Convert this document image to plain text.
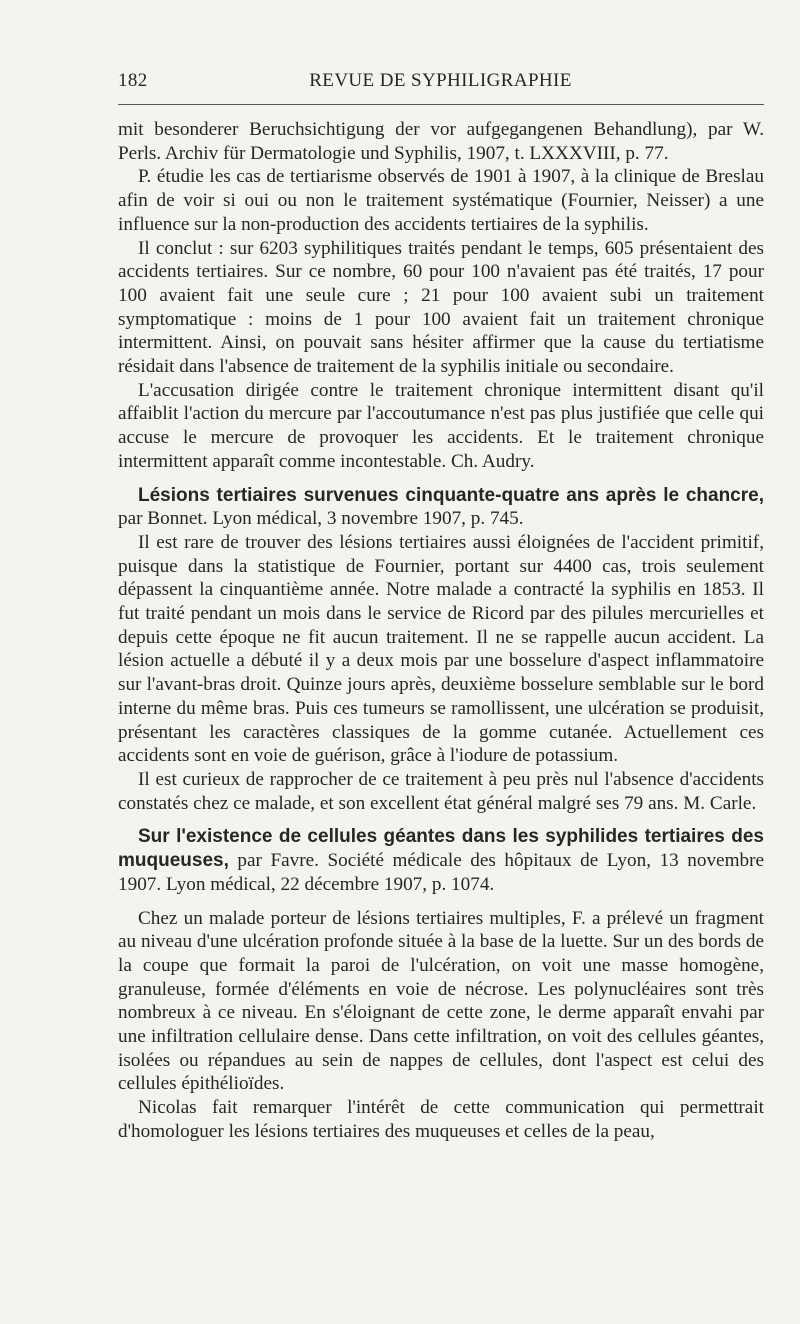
182	REVUE DE SYPHILIGRAPHIE

mit besonderer Beruchsichtigung der vor aufgegangenen Behandlung), par W. Perls. Archiv für Dermatologie und Syphilis, 1907, t. LXXXVIII, p. 77.

P. étudie les cas de tertiarisme observés de 1901 à 1907, à la clinique de Breslau afin de voir si oui ou non le traitement systématique (Fournier, Neisser) a une influence sur la non-production des accidents tertiaires de la syphilis.

Il conclut : sur 6203 syphilitiques traités pendant le temps, 605 présentaient des accidents tertiaires. Sur ce nombre, 60 pour 100 n'avaient pas été traités, 17 pour 100 avaient fait une seule cure ; 21 pour 100 avaient subi un traitement symptomatique : moins de 1 pour 100 avaient fait un traitement chronique intermittent. Ainsi, on pouvait sans hésiter affirmer que la cause du tertiatisme résidait dans l'absence de traitement de la syphilis initiale ou secondaire.

L'accusation dirigée contre le traitement chronique intermittent disant qu'il affaiblit l'action du mercure par l'accoutumance n'est pas plus justifiée que celle qui accuse le mercure de provoquer les accidents. Et le traitement chronique intermittent apparaît comme incontestable. Ch. Audry.

Lésions tertiaires survenues cinquante-quatre ans après le chancre, par Bonnet. Lyon médical, 3 novembre 1907, p. 745.

Il est rare de trouver des lésions tertiaires aussi éloignées de l'accident primitif, puisque dans la statistique de Fournier, portant sur 4400 cas, trois seulement dépassent la cinquantième année. Notre malade a contracté la syphilis en 1853. Il fut traité pendant un mois dans le service de Ricord par des pilules mercurielles et depuis cette époque ne fit aucun traitement. Il ne se rappelle aucun accident. La lésion actuelle a débuté il y a deux mois par une bosselure d'aspect inflammatoire sur l'avant-bras droit. Quinze jours après, deuxième bosselure semblable sur le bord interne du même bras. Puis ces tumeurs se ramollissent, une ulcération se produisit, présentant les caractères classiques de la gomme cutanée. Actuellement ces accidents sont en voie de guérison, grâce à l'iodure de potassium.

Il est curieux de rapprocher de ce traitement à peu près nul l'absence d'accidents constatés chez ce malade, et son excellent état général malgré ses 79 ans. M. Carle.

Sur l'existence de cellules géantes dans les syphilides tertiaires des muqueuses, par Favre. Société médicale des hôpitaux de Lyon, 13 novembre 1907. Lyon médical, 22 décembre 1907, p. 1074.

Chez un malade porteur de lésions tertiaires multiples, F. a prélevé un fragment au niveau d'une ulcération profonde située à la base de la luette. Sur un des bords de la coupe que formait la paroi de l'ulcération, on voit une masse homogène, granuleuse, formée d'éléments en voie de nécrose. Les polynucléaires sont très nombreux à ce niveau. En s'éloignant de cette zone, le derme apparaît envahi par une infiltration cellulaire dense. Dans cette infiltration, on voit des cellules géantes, isolées ou répandues au sein de nappes de cellules, dont l'aspect est celui des cellules épithélioïdes.

Nicolas fait remarquer l'intérêt de cette communication qui permettrait d'homologuer les lésions tertiaires des muqueuses et celles de la peau,
